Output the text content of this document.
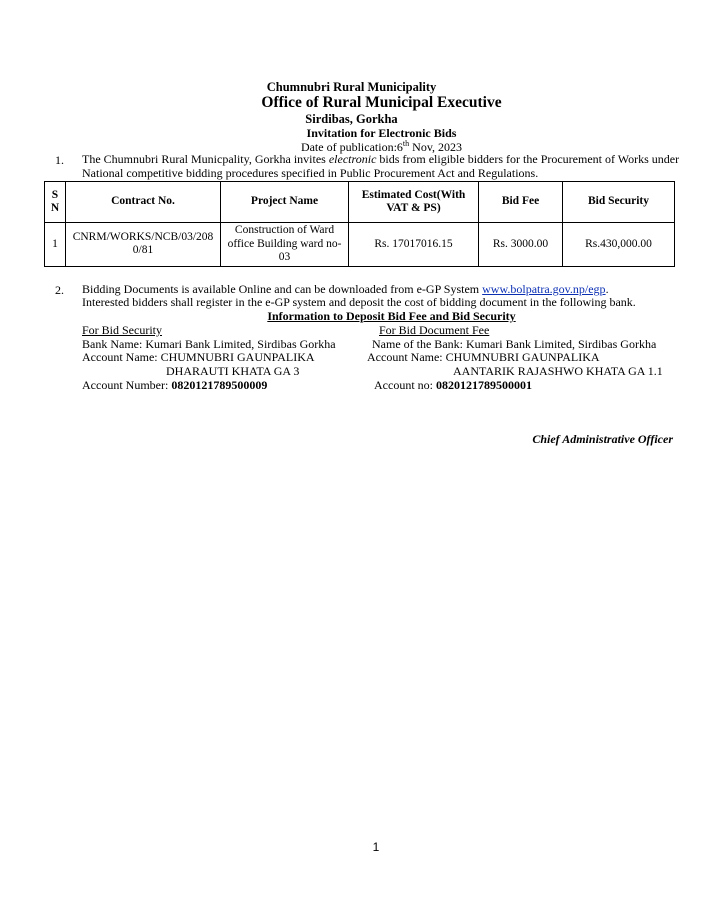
Chumnubri Rural Municipality
Office of Rural Municipal Executive
Sirdibas, Gorkha
Invitation for Electronic Bids
Date of publication:6th Nov, 2023
1. The Chumnubri Rural Municpality, Gorkha invites electronic bids from eligible bidders for the Procurement of Works under National competitive bidding procedures specified in Public Procurement Act and Regulations.
S N	Contract No.	Project Name	Estimated Cost(With VAT & PS)	Bid Fee	Bid Security
1	CNRM/WORKS/NCB/03/2080/81	Construction of Ward office Building ward no-03	Rs. 17017016.15	Rs. 3000.00	Rs.430,000.00
2. Bidding Documents is available Online and can be downloaded from e-GP System www.bolpatra.gov.np/egp.
Interested bidders shall register in the e-GP system and deposit the cost of bidding document in the following bank.
Information to Deposit Bid Fee and Bid Security
For Bid Security
Bank Name: Kumari Bank Limited, Sirdibas Gorkha
Account Name: CHUMNUBRI GAUNPALIKA
DHARAUTI KHATA GA 3
Account Number: 0820121789500009
For Bid Document Fee
Name of the Bank: Kumari Bank Limited, Sirdibas Gorkha
Account Name: CHUMNUBRI GAUNPALIKA
AANTARIK RAJASHWO KHATA GA 1.1
Account no: 0820121789500001
Chief Administrative Officer
1
